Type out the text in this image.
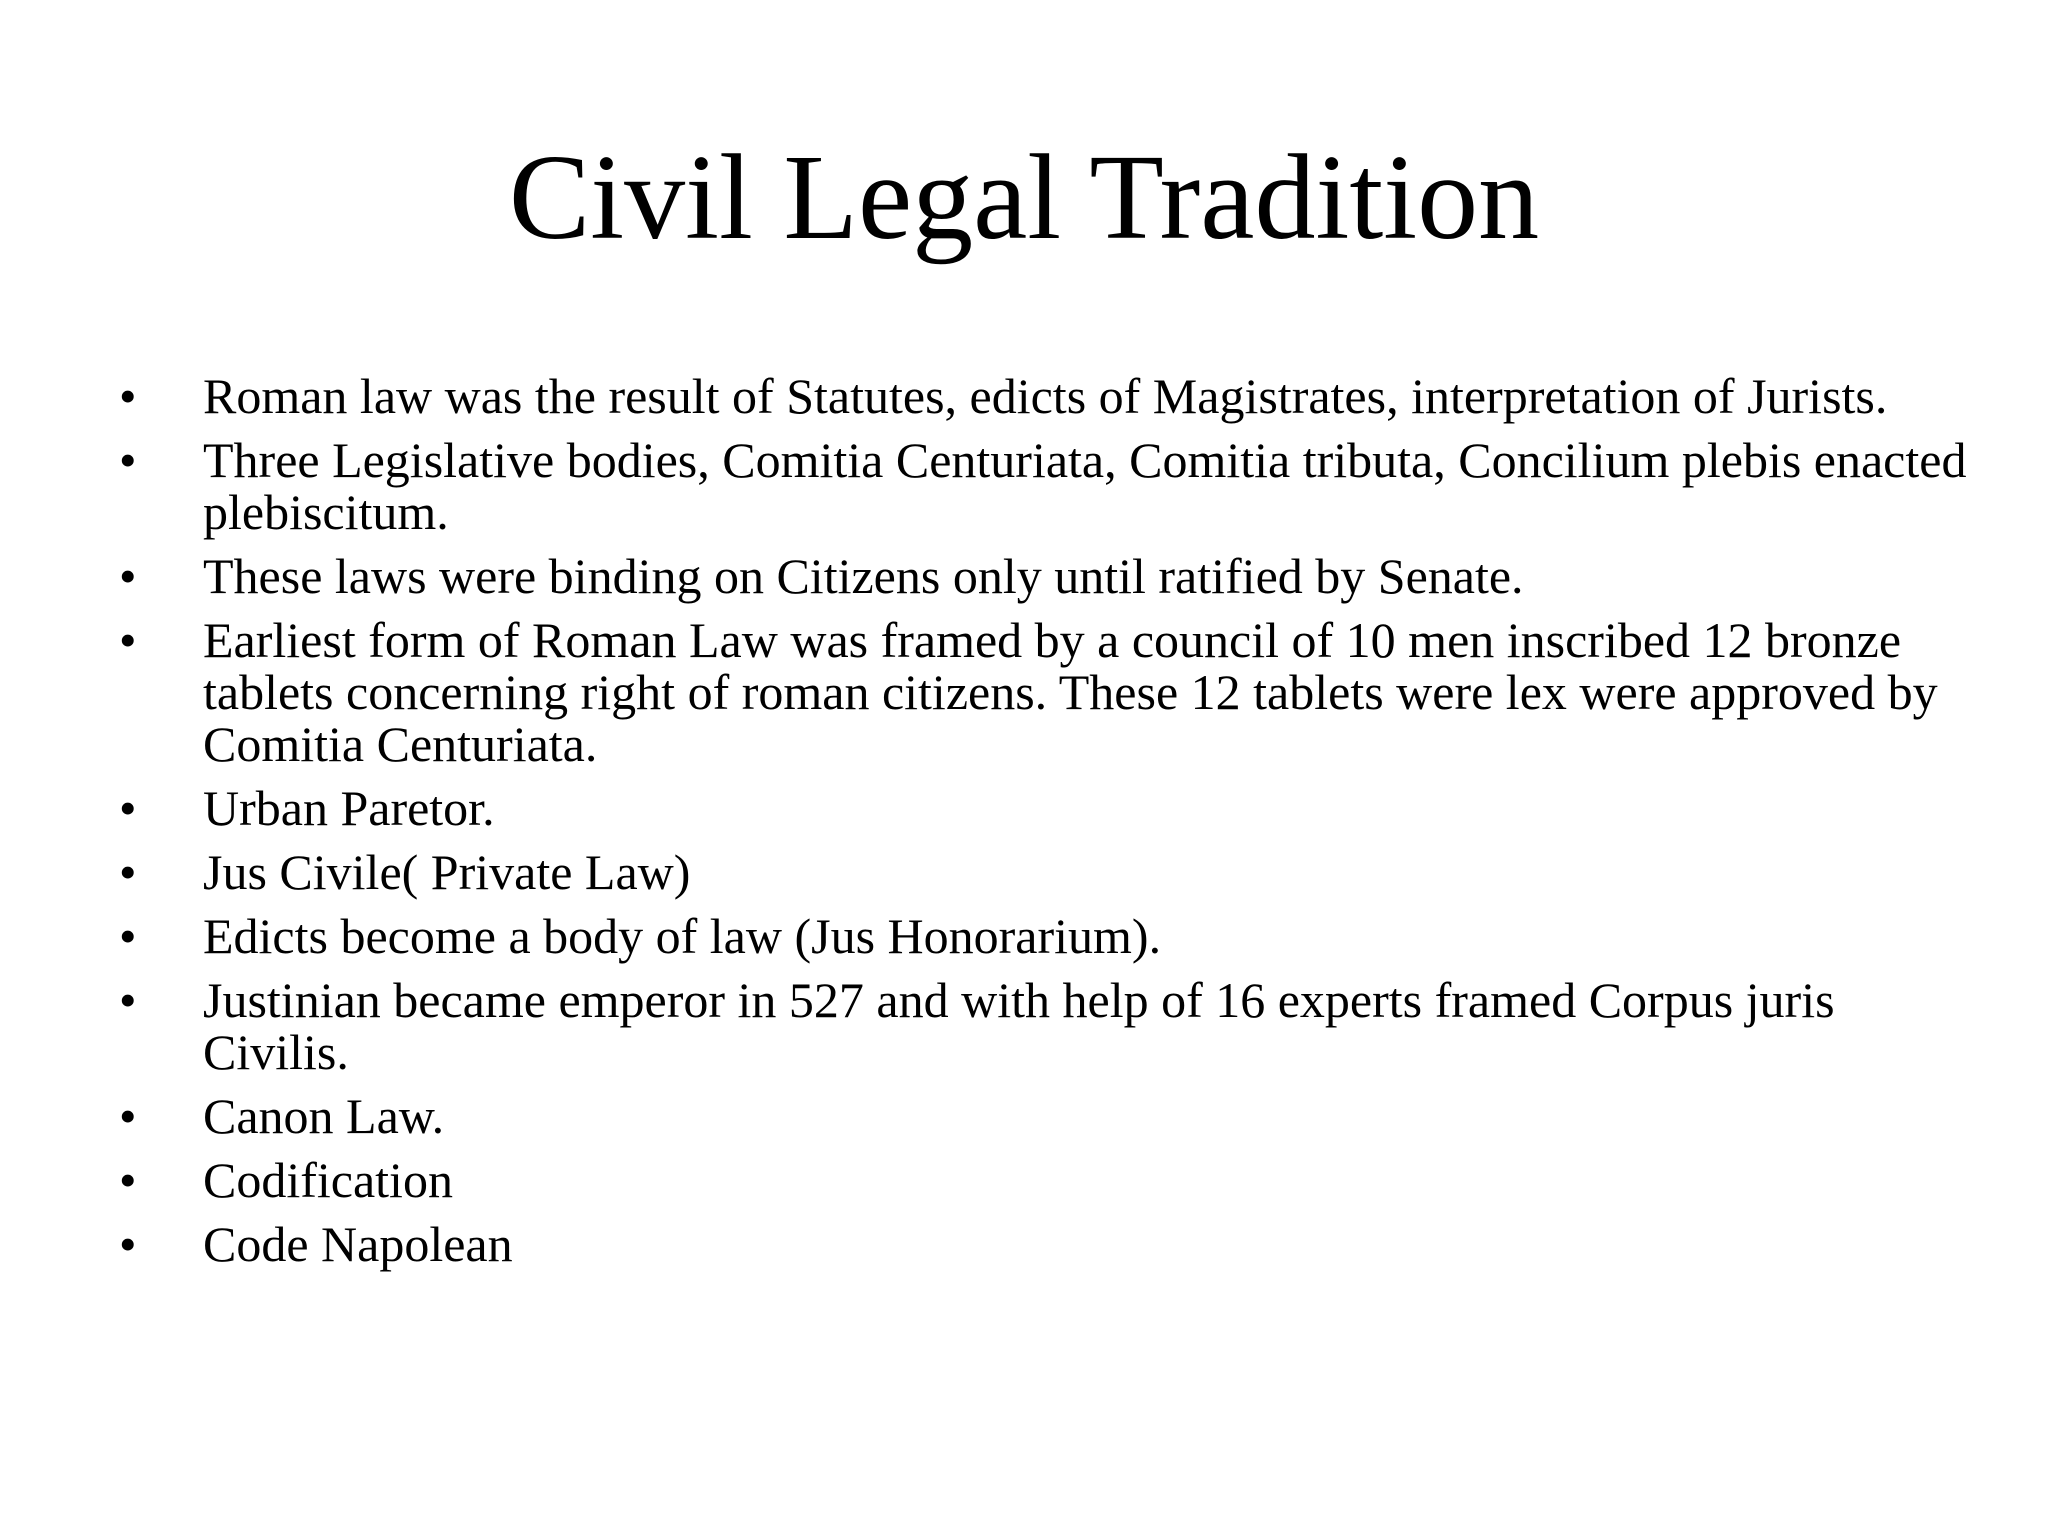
Civil Legal Tradition
•	Roman law was the result of Statutes, edicts of Magistrates, interpretation of Jurists.
•	Three Legislative bodies, Comitia Centuriata, Comitia tributa, Concilium plebis enacted plebiscitum.
•	These laws were binding on Citizens only until ratified by Senate.
•	Earliest form of Roman Law was framed by a council of 10 men inscribed 12 bronze tablets concerning right of roman citizens. These 12 tablets were lex were approved by Comitia Centuriata.
•	Urban Paretor.
•	Jus Civile( Private Law)
•	Edicts become a body of law (Jus Honorarium).
•	Justinian became emperor in 527 and with help of 16 experts framed Corpus juris Civilis.
•	Canon Law.
•	Codification
•	Code Napolean
